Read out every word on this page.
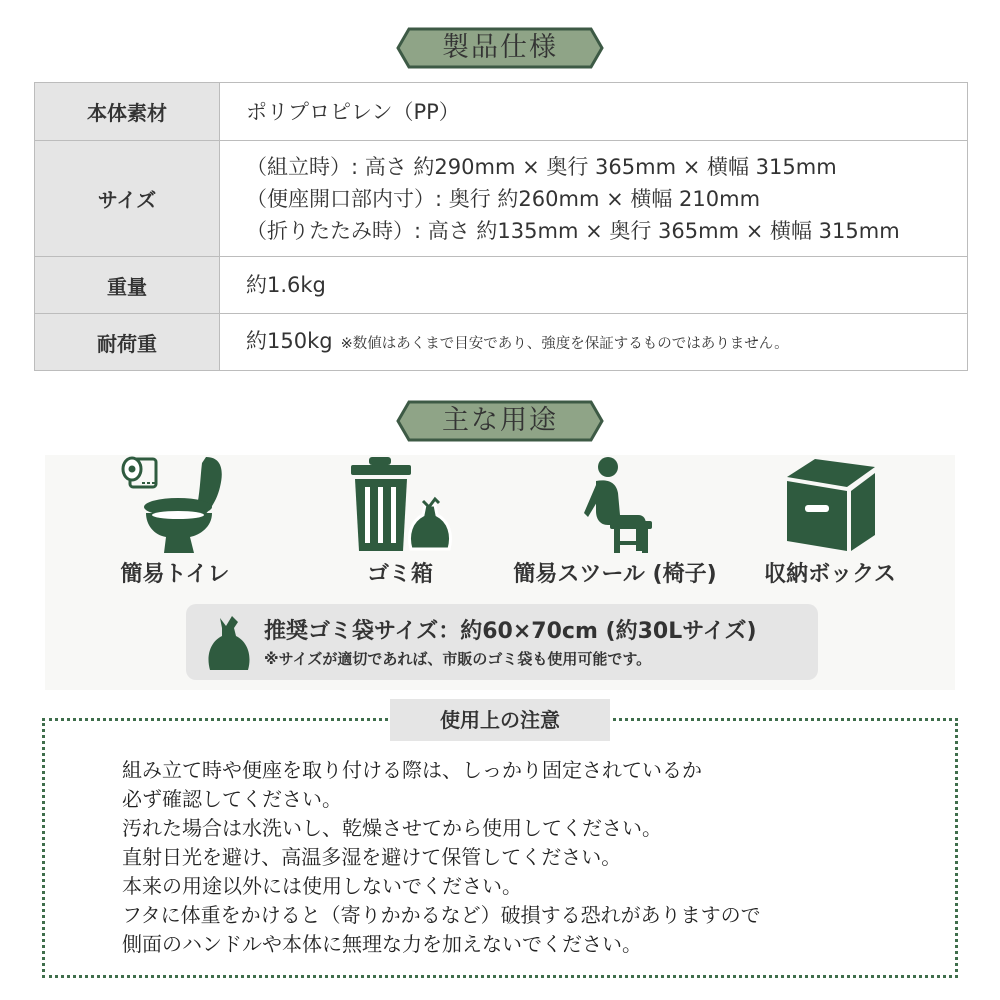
製品仕様
本体素材	ポリプロピレン（PP）

サイズ	（組立時）: 高さ 約290mm × 奥行 365mm × 横幅 315mm
（便座開口部内寸）: 奥行 約260mm × 横幅 210mm
（折りたたみ時）: 高さ 約135mm × 奥行 365mm × 横幅 315mm

重量	約1.6kg

耐荷重	約150kg ※数値はあくまで目安であり、強度を保証するものではありません。
主な用途
簡易トイレ	ゴミ箱	簡易スツール (椅子)	収納ボックス
推奨ゴミ袋サイズ：約60×70cm (約30Lサイズ)
※サイズが適切であれば、市販のゴミ袋も使用可能です。
使用上の注意

組み立て時や便座を取り付ける際は、しっかり固定されているか

必ず確認してください。

汚れた場合は水洗いし、乾燥させてから使用してください。

直射日光を避け、高温多湿を避けて保管してください。

本来の用途以外には使用しないでください。

フタに体重をかけると（寄りかかるなど）破損する恐れがありますので

側面のハンドルや本体に無理な力を加えないでください。
